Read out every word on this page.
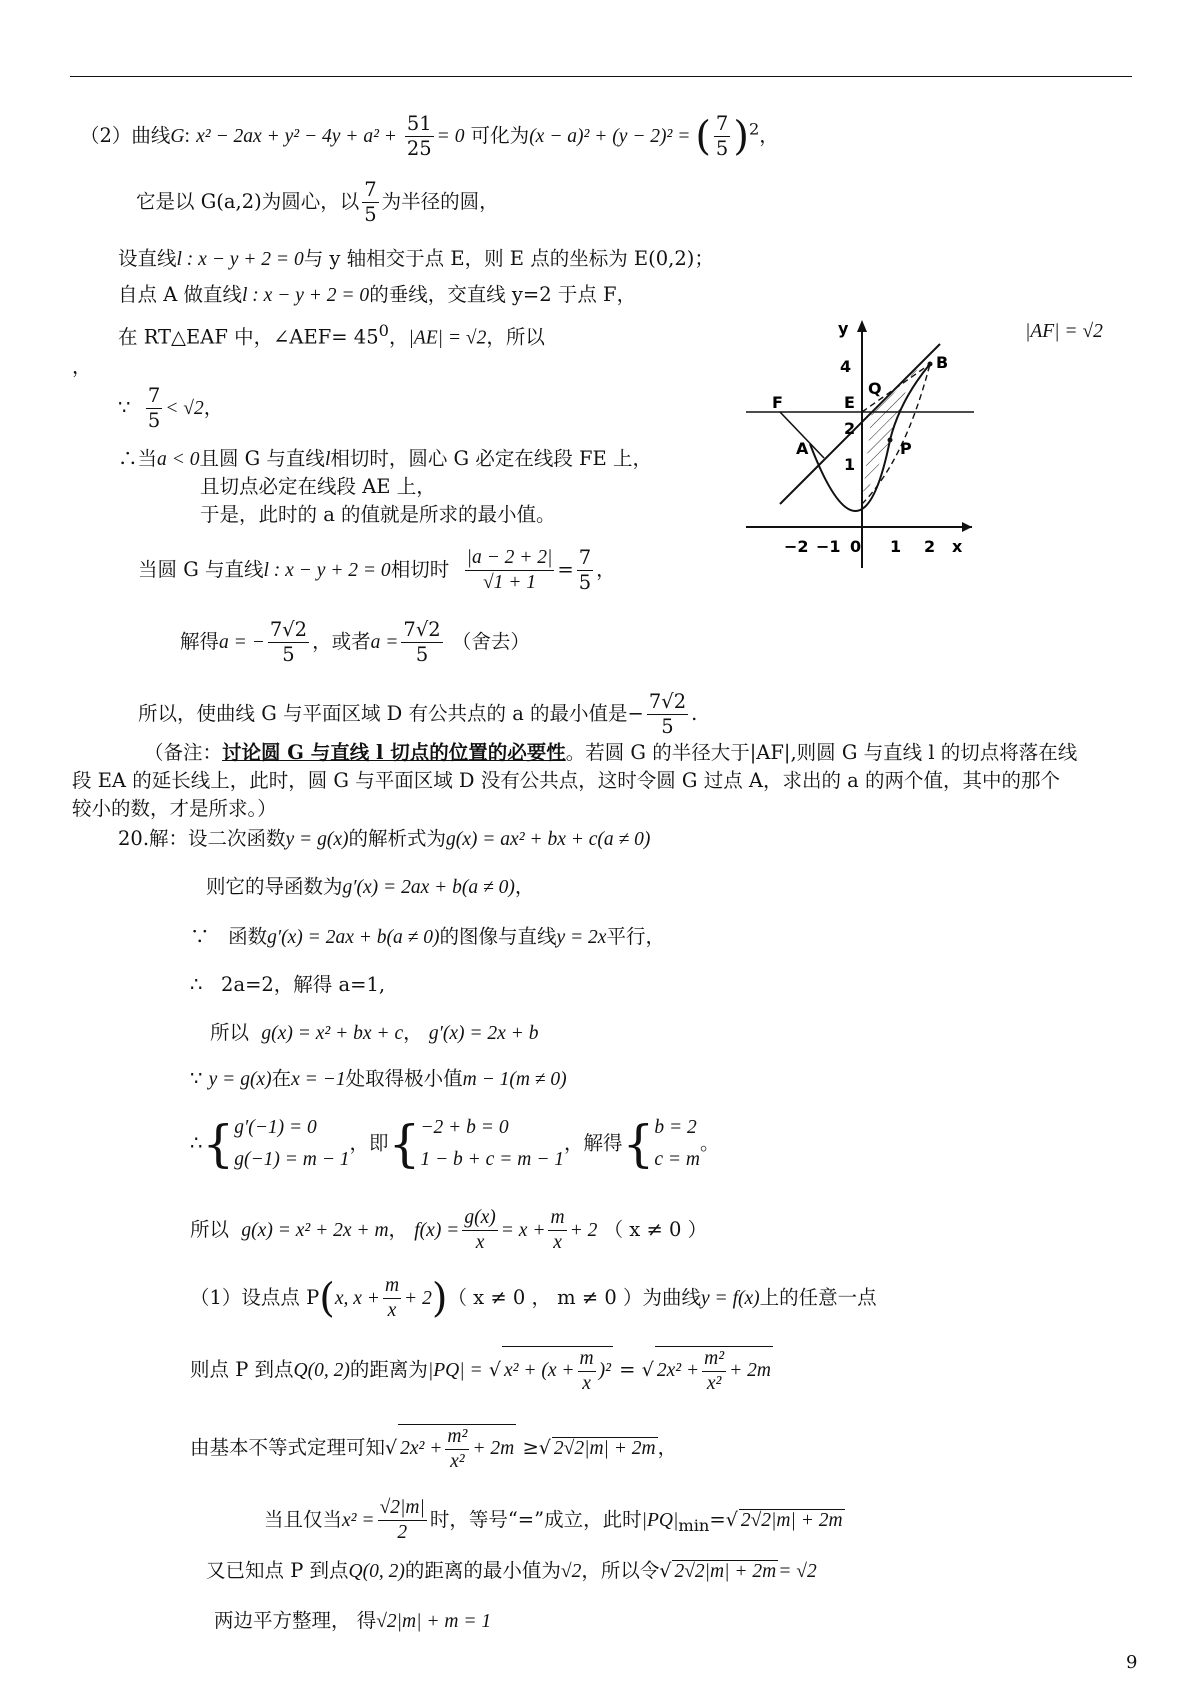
（2）曲线G: $x^2 - 2ax + y^2 - 4y + a^2 + \frac{51}{25} = 0$ 可化为(x − a)² + (y − 2)² = ( $\frac{7}{5} )^2$，
它是以 G(a,2)为圆心，以 $\frac{7}{5}$ 为半径的圆，
设直线l : x − y + 2 = 0与 y 轴相交于点 E，则 E 点的坐标为 E(0,2)；
自点 A 做直线l : x − y + 2 = 0的垂线，交直线 y=2 于点 F，
在 RT△EAF 中，∠AEF= $45^0$，|AE| = √2，所以	|AF| = √2
，
∵ $\frac{7}{5} < √2$，
∴当a < 0且圆 G 与直线l相切时，圆心 G 必定在线段 FE 上，
且切点必定在线段 AE 上，
于是，此时的 a 的值就是所求的最小值。
当圆 G 与直线l : x − y + 2 = 0相切时 $\frac{|a - 2 + 2|}{√1 + 1} = \frac{7}{5}$ ，
解得a = − $\frac{7√2}{5}$ ，或者$a = \frac{7√2}{5}$ （舍去）
所以，使曲线 G 与平面区域 D 有公共点的 a 的最小值是− $\frac{7√2}{5}$ .
（备注：讨论圆 G 与直线 l 切点的位置的必要性。若圆 G 的半径大于|AF|,则圆 G 与直线 l 的切点将落在线
段 EA 的延长线上，此时，圆 G 与平面区域 D 没有公共点，这时令圆 G 过点 A，求出的 a 的两个值，其中的那个
较小的数，才是所求。）
20.解：设二次函数y = g(x)的解析式为g(x) = ax² + bx + c(a ≠ 0)
则它的导函数为g′(x) = 2ax + b(a ≠ 0)，
∵ 函数g′(x) = 2ax + b(a ≠ 0)的图像与直线y = 2x平行，
∴ 2a=2，解得 a=1,
所以 g(x) = x² + bx + c， g′(x) = 2x + b
∵ y = g(x)在x = −1处取得极小值m − 1(m ≠ 0)
∴{ g′(−1) = 0
g(−1) = m − 1
，即{ −2 + b = 0
1 − b + c = m − 1
，解得{ b = 2
c = m
。
所以 g(x) = x² + 2x + m， $f(x) = \frac{g(x)}{x} = x + \frac{m}{x} + 2$ （ x ≠ 0 ）
（1）设点点 P(x, $x + \frac{m}{x} + 2$)（ x ≠ 0 ， m ≠ 0 ）为曲线y = f(x)上的任意一点
则点 P 到点Q(0, 2)的距离为|PQ| = √ $x^2 + (x + \frac{m}{x} )^2$ = √ $2x^2 + \frac{\text{m²}}{\text{x²}} + 2m$
由基本不等式定理可知√ $2x^2 + \frac{\text{m²}}{\text{x²}} + 2m$ ≥√ 2√2|m| + 2m ，
当且仅当$x^2 = \frac{√2|m|}{2}$ 时，等号“=”成立，此时$|PQ|_{min}=√$ 2√2|m| + 2m
又已知点 P 到点Q(0, 2)的距离的最小值为√2，所以令√ 2√2|m| + 2m = √2
两边平方整理， 得√2|m| + m = 1
y
x
4
2
1
0
−2 −1	1 2
A
B
E
F
P
Q
9
